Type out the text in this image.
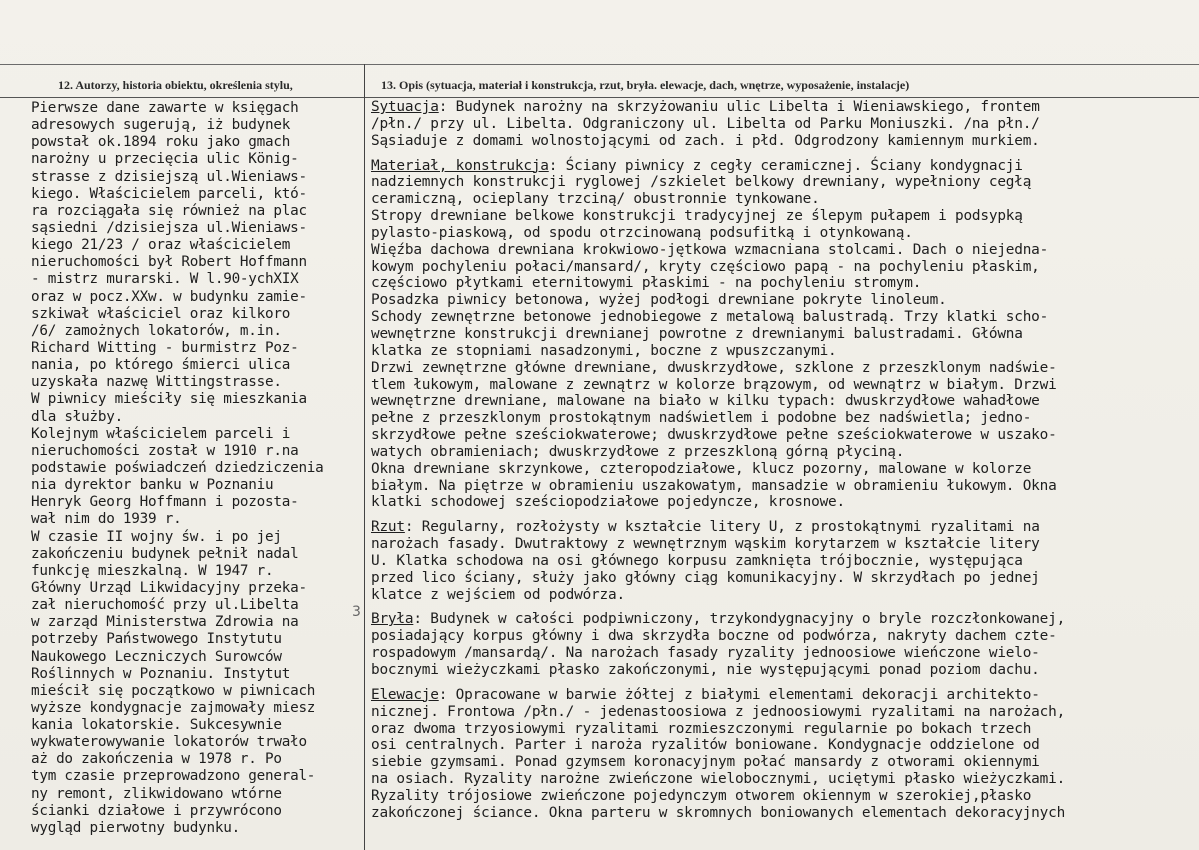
12. Autorzy, historia obiektu, określenia stylu,	13. Opis (sytuacja, materiał i konstrukcja, rzut, bryła. elewacje, dach, wnętrze, wyposażenie, instalacje)
Pierwsze dane zawarte w księgach
adresowych sugerują, iż budynek
powstał ok.1894 roku jako gmach
narożny u przecięcia ulic König-
strasse z dzisiejszą ul.Wieniaws-
kiego. Właścicielem parceli, któ-
ra rozciągała się również na plac
sąsiedni /dzisiejsza ul.Wieniaws-
kiego 21/23 / oraz właścicielem
nieruchomości był Robert Hoffmann
- mistrz murarski. W l.90-ychXIX
oraz w pocz.XXw. w budynku zamie-
szkiwał właściciel oraz kilkoro
/6/ zamożnych lokatorów, m.in.
Richard Witting - burmistrz Poz-
nania, po którego śmierci ulica
uzyskała nazwę Wittingstrasse.
W piwnicy mieściły się mieszkania
dla służby.
Kolejnym właścicielem parceli i
nieruchomości został w 1910 r.na
podstawie poświadczeń dziedziczenia
nia dyrektor banku w Poznaniu
Henryk Georg Hoffmann i pozosta-
wał nim do 1939 r.
W czasie II wojny św. i po jej
zakończeniu budynek pełnił nadal
funkcję mieszkalną. W 1947 r.
Główny Urząd Likwidacyjny przeka-
zał nieruchomość przy ul.Libelta
w zarząd Ministerstwa Zdrowia na
potrzeby Państwowego Instytutu
Naukowego Leczniczych Surowców
Roślinnych w Poznaniu. Instytut
mieścił się początkowo w piwnicach
wyższe kondygnacje zajmowały miesz
kania lokatorskie. Sukcesywnie
wykwaterowywanie lokatorów trwało
aż do zakończenia w 1978 r. Po
tym czasie przeprowadzono general-
ny remont, zlikwidowano wtórne
ścianki działowe i przywrócono
wygląd pierwotny budynku.
Sytuacja: Budynek narożny na skrzyżowaniu ulic Libelta i Wieniawskiego, frontem
/płn./ przy ul. Libelta. Odgraniczony ul. Libelta od Parku Moniuszki. /na płn./
Sąsiaduje z domami wolnostojącymi od zach. i płd. Odgrodzony kamiennym murkiem.
Materiał, konstrukcja: Ściany piwnicy z cegły ceramicznej. Ściany kondygnacji
nadziemnych konstrukcji ryglowej /szkielet belkowy drewniany, wypełniony cegłą
ceramiczną, ocieplany trzciną/ obustronnie tynkowane.
Stropy drewniane belkowe konstrukcji tradycyjnej ze ślepym pułapem i podsypką
pylasto-piaskową, od spodu otrzcinowaną podsufitką i otynkowaną.
Więźba dachowa drewniana krokwiowo-jętkowa wzmacniana stolcami. Dach o niejedna-
kowym pochyleniu połaci/mansard/, kryty częściowo papą - na pochyleniu płaskim,
częściowo płytkami eternitowymi płaskimi - na pochyleniu stromym.
Posadzka piwnicy betonowa, wyżej podłogi drewniane pokryte linoleum.
Schody zewnętrzne betonowe jednobiegowe z metalową balustradą. Trzy klatki scho-
wewnętrzne konstrukcji drewnianej powrotne z drewnianymi balustradami. Główna
klatka ze stopniami nasadzonymi, boczne z wpuszczanymi.
Drzwi zewnętrzne główne drewniane, dwuskrzydłowe, szklone z przeszklonym nadświe-
tlem łukowym, malowane z zewnątrz w kolorze brązowym, od wewnątrz w białym. Drzwi
wewnętrzne drewniane, malowane na biało w kilku typach: dwuskrzydłowe wahadłowe
pełne z przeszklonym prostokątnym nadświetlem i podobne bez nadświetla; jedno-
skrzydłowe pełne sześciokwaterowe; dwuskrzydłowe pełne sześciokwaterowe w uszako-
watych obramieniach; dwuskrzydłowe z przeszkloną górną płyciną.
Okna drewniane skrzynkowe, czteropodziałowe, klucz pozorny, malowane w kolorze
białym. Na piętrze w obramieniu uszakowatym, mansadzie w obramieniu łukowym. Okna
klatki schodowej sześciopodziałowe pojedyncze, krosnowe.
Rzut: Regularny, rozłożysty w kształcie litery U, z prostokątnymi ryzalitami na
narożach fasady. Dwutraktowy z wewnętrznym wąskim korytarzem w kształcie litery
U. Klatka schodowa na osi głównego korpusu zamknięta trójbocznie, występująca
przed lico ściany, służy jako główny ciąg komunikacyjny. W skrzydłach po jednej
klatce z wejściem od podwórza.
Bryła: Budynek w całości podpiwniczony, trzykondygnacyjny o bryle rozczłonkowanej,
posiadający korpus główny i dwa skrzydła boczne od podwórza, nakryty dachem czte-
rospadowym /mansardą/. Na narożach fasady ryzality jednoosiowe wieńczone wielo-
bocznymi wieżyczkami płasko zakończonymi, nie występującymi ponad poziom dachu.
Elewacje: Opracowane w barwie żółtej z białymi elementami dekoracji architekto-
nicznej. Frontowa /płn./ - jedenastoosiowa z jednoosiowymi ryzalitami na narożach,
oraz dwoma trzyosiowymi ryzalitami rozmieszczonymi regularnie po bokach trzech
osi centralnych. Parter i naroża ryzalitów boniowane. Kondygnacje oddzielone od
siebie gzymsami. Ponad gzymsem koronacyjnym połać mansardy z otworami okiennymi
na osiach. Ryzality narożne zwieńczone wielobocznymi, uciętymi płasko wieżyczkami.
Ryzality trójosiowe zwieńczone pojedynczym otworem okiennym w szerokiej,płasko
zakończonej ściance. Okna parteru w skromnych boniowanych elementach dekoracyjnych
3
